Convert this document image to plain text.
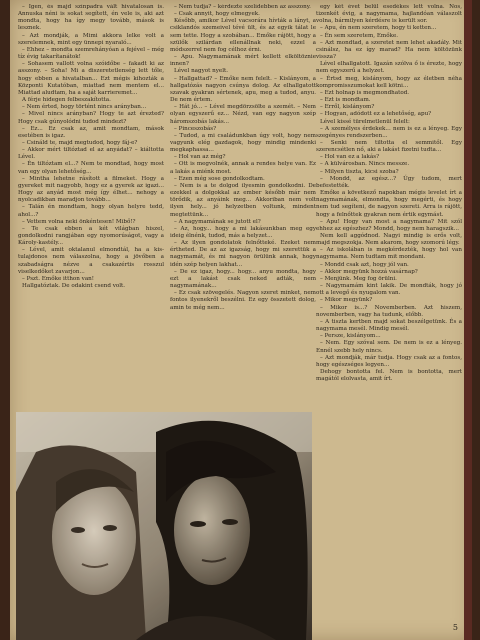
– Igen, és majd színpadra vált hivatalosan is. Annuska néni is sokat segített, én vele is, aki azt mondta, hogy ha így megy tovább, mások is lesznek.

– Azt mondják, a Mimi akkora lelke volt a szerelemnek, mint egy ünnepi nyaraló...

– Ehhez – mondta szemrehányóan a fejével – még tíz évig takarítanátok!

– Sohasem vallott volna szóidőbe – fakadt ki az asszony. – Soha! Mi a diszeretetlenség lett tőle, hogy ebben a hivatalban... Ezt mégis kihozták a Központi Kutatóban, miattad nem mentem el... Miattad aludtam, ha a saját karrieremet...

A férje hidegen felbeszakította.

– Nem érted, hogy történt nincs arányban...

– Mivel nincs arányban? Hogy te azt érezted? Hogy csak gúnyolódni tudod mindezt?

– Ez... Ez csak az, amit mondtam, mások esetében is igaz.

– Csináld te, majd megtudod, hogy fáj-e?

– Akkor mért tiltóztad el az anyádat? – kiáltotta Lével.

– Én tiltóztam el...? Nem te mondtad, hogy most van egy olyan lehetőség...

– Mintha lehetne rásított a filmeket. Hogy a gyereket mit nagyobb, hogy ez a gyerek az igazi... Hogy az anyád most még így élhet... nehogy a nyolcadikban maradjon tovább...

– Talán én mondtam, hogy olyan helyre tedd, ahol...?

– Vettem volna neki önkéntesen! Mibő!?

– Te csak ebben a két világban hiszel, gondolkodni rangjában egy nyomorúságot, vagy a Károly-kastély...

– Lével, amit oktalanul elmondtál, ha a kis-tulajdonos nem válaszolna, hogy a jövőben a szabadságra nézve a csakazértis rosszul viselkedőket zavarjon...

– Pszt. Emőke itthon van!

Hallgatóztak. De odakint csend volt.

– Nem tudja? – kérdezte szelídebben az asszony.

– Csak annyit, hogy elmegyek.

Később, amikor Lével vacsorára hívták a lányt, a csiklandós szemeivel tévé ült, és az egyik tálat le sem tette. Hogy a szobában... Emőke rájött, hogy a szülők szilárdan ellenállnak neki, ezzel a módszerrel nem fog célhoz érni.

– Apu. Nagymamának mért kellett elköltöznie innen?

Lével nagyot nyelt.

– Hallgattad? – Emőke nem felelt. – Kislányom, a hallgatózás nagyon csúnya dolog. Az elhallgatott szavak gyakran sértenek, apu, meg a tudod, anyu. De nem értem.

– Hát jó... – Lével megdörzsölte a szemét. – Nem olyan egyszerű ez... Nézd, van egy nagyon szép háromszobás lakás...

– Pinceszobás?

– Tudod, a mi családunkban úgy volt, hogy nem vagyunk elég gazdagok, hogy mindig mindenki megkaphassa...

– Hol van az még?

– Ott is megvolnék, annak a rendes helye van. Ez a lakás a miénk most.

– Ezen még sose gondolkodtam.

– Nem is a te dolgod ilyesmin gondolkodni. De ezekkel a dolgokkal az ember később már nem törődik, az anyáink meg... Akkoriban nem volt ilyen hely... jó helyzetben voltunk, mindent megtettünk...

– A nagymamának se jutott el?

– Az, hogy... hogy a mi lakásunkban meg egy ideig élnénk, tudod, más a helyzet...

– Az ilyen gondolatok felnőtteké. Ezeket nem értheted. De az az igazság, hogy mi szerettük a nagymamát, és mi nagyon örülünk annak, hogy idén szép helyen lakhat...

– De ez igaz, hogy... hogy... anyu mondta, hogy ezt a lakást csak neked adták, nem nagymamának...

– Ez csak szövegelés. Nagyon szeret minket, nem fontos ilyenekről beszélni. Ez egy összetett dolog, amin te még nem...

egy két évet belül esedékes lett volna. Nos, tizenkét évig, a nagymama, hajlandóan válaszolt volna, bármilyen kérdésre is került sor.

– Apu, én nem szeretem, hogy ti ketten...

– Én sem szeretem, Emőke.

– Azt mondtad, a szeretet nem lehet akadály. Mit csinálsz, ha ez így marad? Ha nem költözünk vissza?

Lével elhallgatott. Igazán szólva ő is érezte, hogy nem egyszerű a helyzet.

– Értsd meg, kislányom, hogy az életben néha kompromisszumokat kell kötni...

– Ezt holnap is megmondhatod.

– Ezt is mondtam.

– Erről, kislányom?

– Hogyan, adódott ez a lehetőség, apu?

Lével kissé türelmetlenül felelt:

– A személyes érdekek... nem is ez a lényeg. Egy szegényes rendszerben...

– Senki nem tiltotta el semmitől. Egy szerencsétlen nő, aki a lakást fizetni tudta...

– Hol van ez a lakás?

– A külvárosban. Nincs messze.

– Milyen tiszta, kicsi szoba?

– Mondd, az egész...? Úgy tudom, mert befestették.

Emőke a következő napokban mégis levelet írt a nagymamának, elmondta, hogy megérti, és hogy nem tud segíteni, de nagyon szereti. Arra is rájött, hogy a felnőttek gyakran nem értik egymást.

– Apu! Hogy van most a nagymama? Mit szól ehhez az egészhez? Mondd, hogy nem haragszik...

Nem kell aggódnod. Nagyi mindig is erős volt, majd megszokja. Nem akarom, hogy szomorú légy.

– Az iskolában is megkérdezték, hogy hol van nagymama. Nem tudtam mit mondani.

– Mondd csak azt, hogy jól van.

– Akkor megyünk hozzá vasárnap?

– Menjünk. Meg fog örülni.

– Nagymamám kint lakik. De mondták, hogy jó ott a levegő és nyugalom van.

– Mikor megyünk?

– Mikor is...? Novemberben. Azt hiszem, novemberben, vagy ha tudunk, előbb.

– A tiszta kertben majd sokat beszélgetünk. És a nagymama mesél. Mindig mesél.

– Persze, kislányom...

– Nem. Egy szóval sem. De nem is ez a lényeg. Ennél szebb hely nincs.

– Azt mondják, már tudja. Hogy csak az a fontos, hogy egészséges legyen...

Dehogy bontotta fel. Nem is bontotta, mert magától elolvasta, amit írt.

5
